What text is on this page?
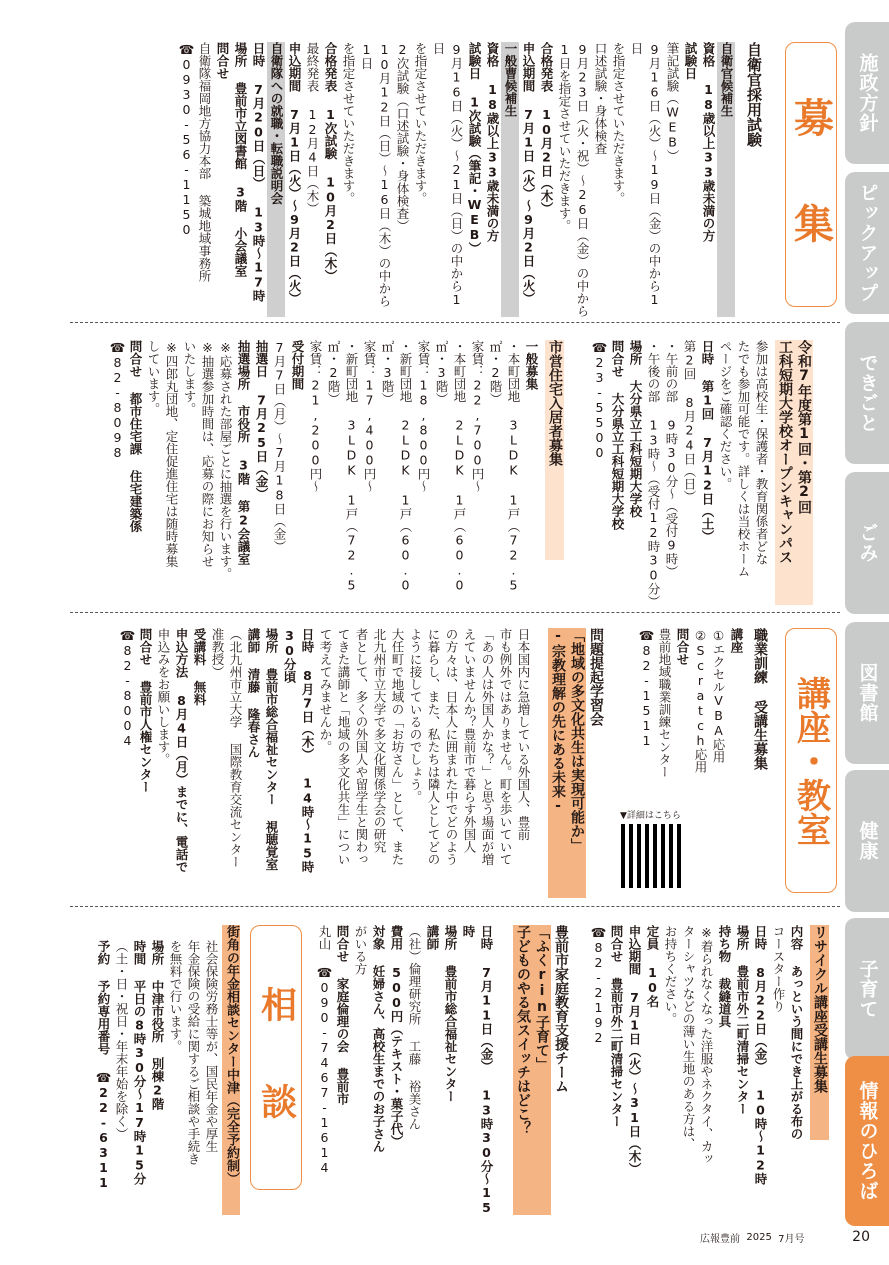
施政方針
ピックアップ
できごと
ごみ
図書館
健康
子育て
情報のひろば
募 集
講座・教室
相 談
自衛官採用試験
自衛官候補生
資格 18歳以上33歳未満の方
試験日
筆記試験（WEB）
9月16日（火）～19日（金）の中から1日
を指定させていただきます。
口述試験・身体検査
9月23日（火・祝）～26日（金）の中から
1日を指定させていただきます。
合格発表 10月2日（木）
申込期間 7月1日（火）～9月2日（火）
一般曹候補生
資格 18歳以上33歳未満の方
試験日 1次試験（筆記・WEB）
9月16日（火）～21日（日）の中から1日
を指定させていただきます。
2次試験（口述試験・身体検査）
10月12日（日）～16日（木）の中から1日
を指定させていただきます。
合格発表 1次試験 10月2日（木）
最終発表 12月4日（木）
申込期間 7月1日（火）～9月2日（火）
自衛隊への就職・転職説明会
日時 7月20日（日） 13時～17時
場所 豊前市立図書館 3階 小会議室
問合せ
自衛隊福岡地方協力本部 築城地域事務所
☎0930-56-1150
令和7年度第1回・第2回
工科短期大学校オープンキャンパス
参加は高校生・保護者・教育関係者どな
たでも参加可能です。詳しくは当校ホーム
ページをご確認ください。
日時 第1回 7月12日（土）
第2回 8月24日（日）
・午前の部 9時30分～（受付9時）
・午後の部 13時～（受付12時30分）
場所 大分県立工科短期大学校
問合せ 大分県立工科短期大学校
☎23-5500
市営住宅入居者募集
一般募集
・本町団地 3LDK 1戸（72.5㎡・2階）
家賃：22,700円～
・本町団地 2LDK 1戸（60.0㎡・3階）
家賃：18,800円～
・新町団地 2LDK 1戸（60.0㎡・3階）
家賃：17,400円～
・新町団地 3LDK 1戸（72.5㎡・2階）
家賃：21,200円～
受付期間
7月7日（月）～7月18日（金）
抽選日 7月25日（金）
抽選場所 市役所 3階 第2会議室
※応募された部屋ごとに抽選を行います。
※抽選参加時間は、応募の際にお知らせ
いたします。
※四郎丸団地、定住促進住宅は随時募集
しています。
問合せ 都市住宅課 住宅建築係
☎82-8098
職業訓練 受講生募集
講座
①エクセルVBA応用
②Scratch応用
問合せ
豊前地域職業訓練センター
☎82-1511
▼詳細はこちら
問題提起学習会
「地域の多文化共生は実現可能か」
-宗教理解の先にある未来-
日本国内に急増している外国人、豊前
市も例外ではありません。町を歩いていて
「あの人は外国人かな？」と思う場面が増
えていませんか？豊前市で暮らす外国人
の方々は、日本人に囲まれた中でどのよう
に暮らし、また、私たちは隣人としてどの
ように接しているのでしょう。
大任町で地域の「お坊さん」として、また
北九州市立大学で多文化関係学会の研究
者として、多くの外国人や留学生と関わっ
てきた講師と「地域の多文化共生」につい
て考えてみませんか。
日時 8月7日（木） 14時～15時30分頃
場所 豊前市総合福祉センター 視聴覚室
講師 清藤 隆春さん
（北九州市立大学 国際教育交流センター
准教授）
受講料 無料
申込方法 8月4日（月）までに、電話で
申込みをお願いします。
問合せ 豊前市人権センター
☎82-8004
リサイクル講座受講生募集
内容 あっという間にでき上がる布の
コースター作り
日時 8月22日（金） 10時～12時
場所 豊前市外二町清掃センター
持ち物 裁縫道具
※着られなくなった洋服やネクタイ、カッ
ターシャツなどの薄い生地のある方は、
お持ちください。
定員 10名
申込期間 7月1日（火）～31日（木）
問合せ 豊前市外二町清掃センター
☎82-2192
豊前市家庭教育支援チーム
「ふくrin子育て」
子どものやる気スイッチはどこ？
日時 7月11日（金） 13時30分～15時
場所 豊前市総合福祉センター
講師
（社）倫理研究所 工藤 裕美さん
費用 500円（テキスト・菓子代）
対象 妊婦さん、高校生までのお子さん
がいる方
問合せ 家庭倫理の会 豊前市
丸山 ☎090-7467-1614
街角の年金相談センター中津（完全予約制）
社会保険労務士等が、国民年金や厚生
年金保険の受給に関するご相談や手続き
を無料で行います。
場所 中津市役所 別棟2階
時間 平日の8時30分～17時15分
（土・日・祝日・年末年始を除く）
予約 予約専用番号 ☎22-6311
広報豊前
2025
7月号	20
